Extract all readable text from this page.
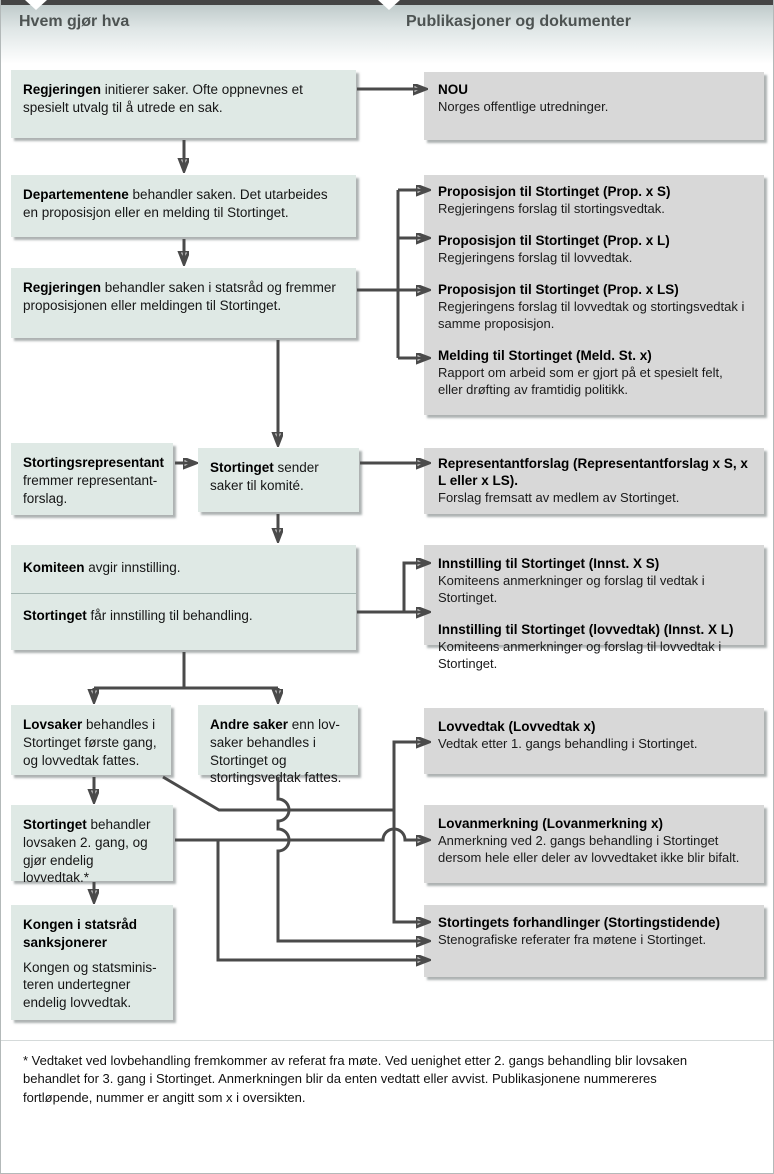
Hvem gjør hva	Publikasjoner og dokumenter
Regjeringen initierer saker. Ofte oppnevnes et spesielt utvalg til å utrede en sak.
Departementene behandler saken. Det utarbeides en proposisjon eller en melding til Stortinget.
Regjeringen behandler saken i statsråd og fremmer proposisjonen eller meldingen til Stortinget.
Stortingsrepresentant fremmer representant-forslag.
Stortinget sender saker til komité.
Komiteen avgir innstilling.
Stortinget får innstilling til behandling.
Lovsaker behandles i Stortinget første gang, og lovvedtak fattes.
Andre saker enn lov-saker behandles i Stortinget og stortingsvedtak fattes.
Stortinget behandler lovsaken 2. gang, og gjør endelig lovvedtak.*
Kongen i statsråd sanksjonerer
Kongen og statsminis-teren undertegner endelig lovvedtak.
NOU
Norges offentlige utredninger.
Proposisjon til Stortinget (Prop. x S)
Regjeringens forslag til stortingsvedtak.
Proposisjon til Stortinget (Prop. x L)
Regjeringens forslag til lovvedtak.
Proposisjon til Stortinget (Prop. x LS)
Regjeringens forslag til lovvedtak og stortingsvedtak i samme proposisjon.
Melding til Stortinget (Meld. St. x)
Rapport om arbeid som er gjort på et spesielt felt, eller drøfting av framtidig politikk.
Representantforslag (Representantforslag x S, x L eller x LS).
Forslag fremsatt av medlem av Stortinget.
Innstilling til Stortinget (Innst. X S)
Komiteens anmerkninger og forslag til vedtak i Stortinget.
Innstilling til Stortinget (lovvedtak) (Innst. X L)
Komiteens anmerkninger og forslag til lovvedtak i Stortinget.
Lovvedtak (Lovvedtak x)
Vedtak etter 1. gangs behandling i Stortinget.
Lovanmerkning (Lovanmerkning x)
Anmerkning ved 2. gangs behandling i Stortinget dersom hele eller deler av lovvedtaket ikke blir bifalt.
Stortingets forhandlinger (Stortingstidende)
Stenografiske referater fra møtene i Stortinget.
* Vedtaket ved lovbehandling fremkommer av referat fra møte. Ved uenighet etter 2. gangs behandling blir lovsaken behandlet for 3. gang i Stortinget. Anmerkningen blir da enten vedtatt eller avvist. Publikasjonene nummereres fortløpende, nummer er angitt som x i oversikten.
